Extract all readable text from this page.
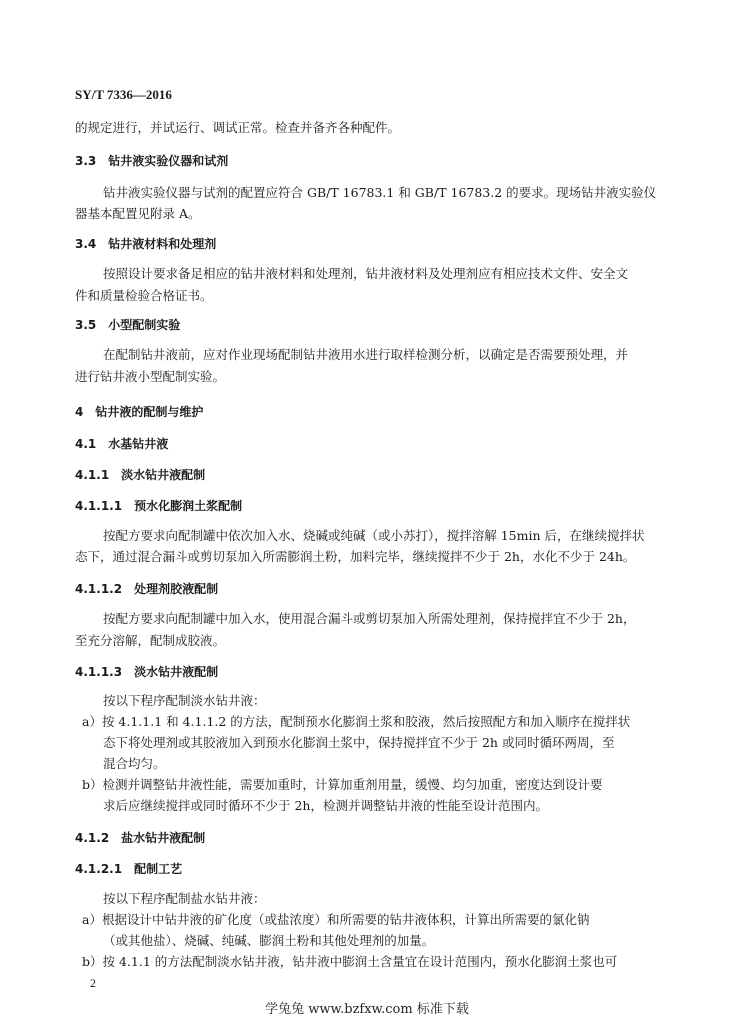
SY/T 7336—2016
的规定进行，并试运行、调试正常。检查并备齐各种配件。
3.3　钻井液实验仪器和试剂
钻井液实验仪器与试剂的配置应符合 GB/T 16783.1 和 GB/T 16783.2 的要求。现场钻井液实验仪
器基本配置见附录 A。
3.4　钻井液材料和处理剂
按照设计要求备足相应的钻井液材料和处理剂，钻井液材料及处理剂应有相应技术文件、安全文
件和质量检验合格证书。
3.5　小型配制实验
在配制钻井液前，应对作业现场配制钻井液用水进行取样检测分析，以确定是否需要预处理，并
进行钻井液小型配制实验。
4　钻井液的配制与维护
4.1　水基钻井液
4.1.1　淡水钻井液配制
4.1.1.1　预水化膨润土浆配制
按配方要求向配制罐中依次加入水、烧碱或纯碱（或小苏打），搅拌溶解 15min 后，在继续搅拌状
态下，通过混合漏斗或剪切泵加入所需膨润土粉，加料完毕，继续搅拌不少于 2h，水化不少于 24h。
4.1.1.2　处理剂胶液配制
按配方要求向配制罐中加入水，使用混合漏斗或剪切泵加入所需处理剂，保持搅拌宜不少于 2h，
至充分溶解，配制成胶液。
4.1.1.3　淡水钻井液配制
按以下程序配制淡水钻井液：
a）按 4.1.1.1 和 4.1.1.2 的方法，配制预水化膨润土浆和胶液，然后按照配方和加入顺序在搅拌状
态下将处理剂或其胶液加入到预水化膨润土浆中，保持搅拌宜不少于 2h 或同时循环两周，至
混合均匀。
b）检测并调整钻井液性能，需要加重时，计算加重剂用量，缓慢、均匀加重，密度达到设计要
求后应继续搅拌或同时循环不少于 2h，检测并调整钻井液的性能至设计范围内。
4.1.2　盐水钻井液配制
4.1.2.1　配制工艺
按以下程序配制盐水钻井液：
a）根据设计中钻井液的矿化度（或盐浓度）和所需要的钻井液体积，计算出所需要的氯化钠
（或其他盐）、烧碱、纯碱、膨润土粉和其他处理剂的加量。
b）按 4.1.1 的方法配制淡水钻井液，钻井液中膨润土含量宜在设计范围内，预水化膨润土浆也可
2
学兔兔 www.bzfxw.com 标准下载
